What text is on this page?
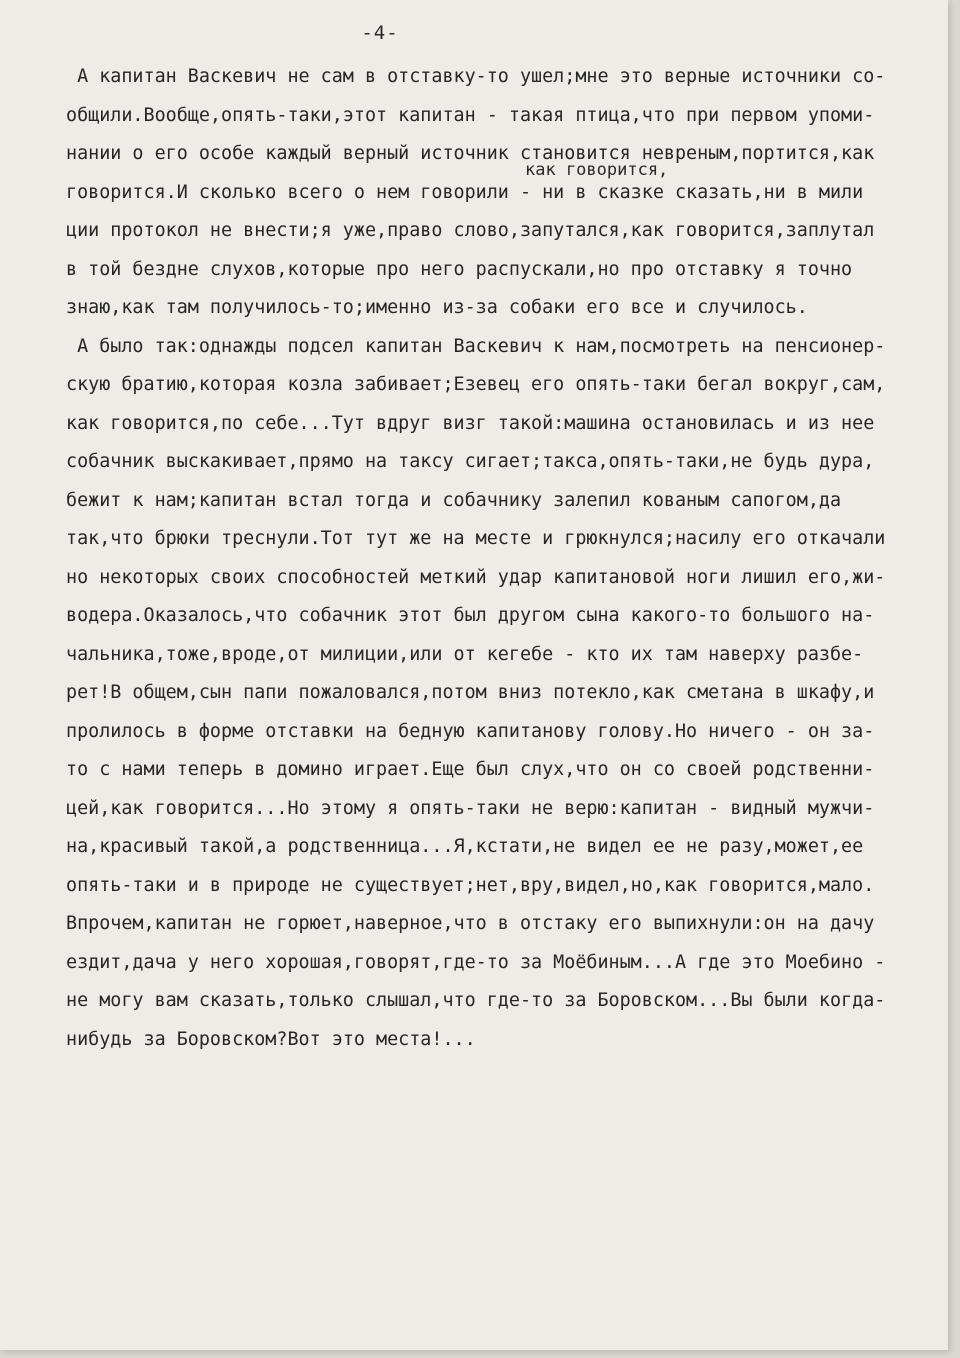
-4-
как говорится,
А капитан Васкевич не сам в отставку-то ушел;мне это верные источники со-
общили.Вообще,опять-таки,этот капитан - такая птица,что при первом упоми-
нании о его особе каждый верный источник становится невреным,портится,как
говорится.И сколько всего о нем говорили - ни в сказке сказать,ни в мили
ции протокол не внести;я уже,право слово,запутался,как говорится,заплутал
в той бездне слухов,которые про него распускали,но про отставку я точно
знаю,как там получилось-то;именно из-за собаки его все и случилось.
А было так:однажды подсел капитан Васкевич к нам,посмотреть на пенсионер-
скую братию,которая козла забивает;Езевец его опять-таки бегал вокруг,сам,
как говорится,по себе...Тут вдруг визг такой:машина остановилась и из нее
собачник выскакивает,прямо на таксу сигает;такса,опять-таки,не будь дура,
бежит к нам;капитан встал тогда и собачнику залепил кованым сапогом,да
так,что брюки треснули.Тот тут же на месте и грюкнулся;насилу его откачали
но некоторых своих способностей меткий удар капитановой ноги лишил его,жи-
водера.Оказалось,что собачник этот был другом сына какого-то большого на-
чальника,тоже,вроде,от милиции,или от кегебе - кто их там наверху разбе-
рет!В общем,сын папи пожаловался,потом вниз потекло,как сметана в шкафу,и
пролилось в форме отставки на бедную капитанову голову.Но ничего - он за-
то с нами теперь в домино играет.Еще был слух,что он со своей родственни-
цей,как говорится...Но этому я опять-таки не верю:капитан - видный мужчи-
на,красивый такой,а родственница...Я,кстати,не видел ее не разу,может,ее
опять-таки и в природе не существует;нет,вру,видел,но,как говорится,мало.
Впрочем,капитан не горюет,наверное,что в отстаку его выпихнули:он на дачу
ездит,дача у него хорошая,говорят,где-то за Моёбиным...А где это Моебино -
не могу вам сказать,только слышал,что где-то за Боровском...Вы были когда-
нибудь за Боровском?Вот это места!...
